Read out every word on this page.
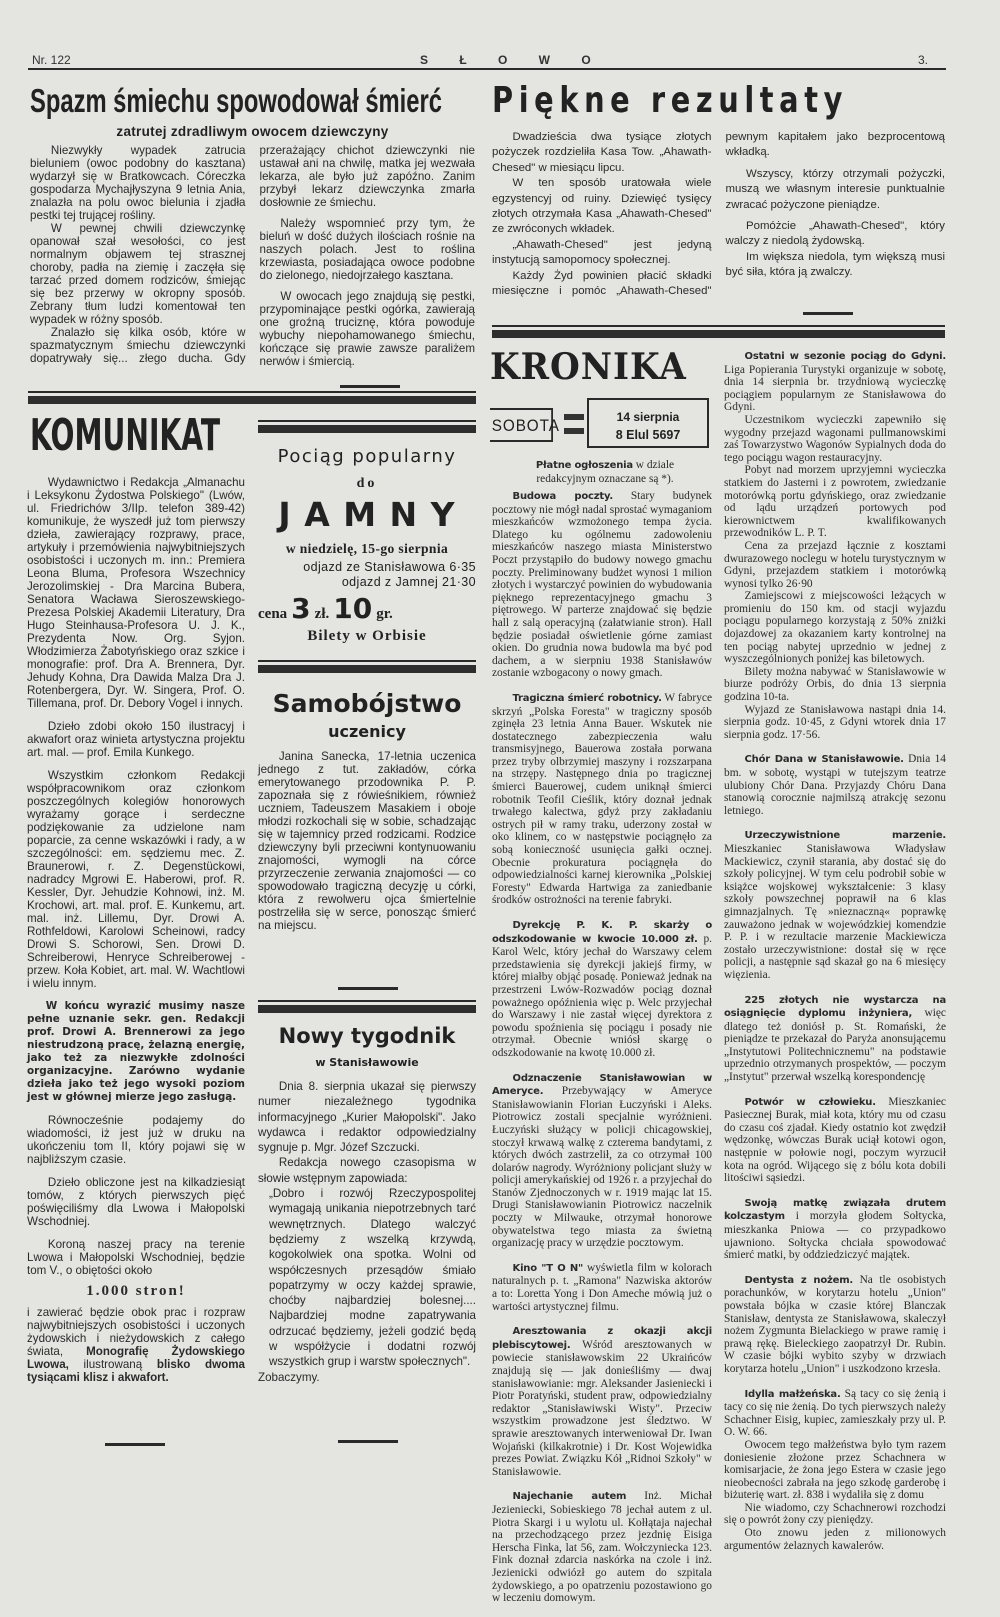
Nr. 122	S Ł O W O	3.
Spazm śmiechu spowodował śmierć
zatrutej zdradliwym owocem dziewczyny

Niezwykły wypadek zatrucia bieluniem (owoc podobny do kasztana) wydarzył się w Bratkowcach. Córeczka gospodarza Mychajłyszyna 9 letnia Ania, znalazła na polu owoc bielunia i zjadła pestki tej trującej rośliny.

W pewnej chwili dziewczynkę opanował szał wesołości, co jest normalnym objawem tej strasznej choroby, padła na ziemię i zaczęła się tarzać przed domem rodziców, śmiejąc się bez przerwy w okropny sposób. Zebrany tłum ludzi komentował ten wypadek w różny sposób.

Znalazło się kilka osób, które w spazmatycznym śmiechu dziewczynki dopatrywały się... złego ducha. Gdy przerażający chichot dziewczynki nie ustawał ani na chwilę, matka jej wezwała lekarza, ale było już zapóźno. Zanim przybył lekarz dziewczynka zmarła dosłownie ze śmiechu.

Należy wspomnieć przy tym, że bieluń w dość dużych ilościach rośnie na naszych polach. Jest to roślina krzewiasta, posiadająca owoce podobne do zielonego, niedojrzałego kasztana.

W owocach jego znajdują się pestki, przypominające pestki ogórka, zawierają one groźną truciznę, która powoduje wybuchy niepohamowanego śmiechu, kończące się prawie zawsze paraliżem nerwów i śmiercią.

Piękne rezultaty

Dwadzieścia dwa tysiące złotych pożyczek rozdzieliła Kasa Tow. „Ahawath-Chesed" w miesiącu lipcu.

W ten sposób uratowała wiele egzystencyj od ruiny. Dziewięć tysięcy złotych otrzymała Kasa „Ahawath-Chesed" ze zwróconych wkładek.

„Ahawath-Chesed" jest jedyną instytucją samopomocy społecznej.

Każdy Żyd powinien płacić składki miesięczne i pomóc „Ahawath-Chesed" pewnym kapitałem jako bezprocentową wkładką.

Wszyscy, którzy otrzymali pożyczki, muszą we własnym interesie punktualnie zwracać pożyczone pieniądze.

Pomóżcie „Ahawath-Chesed", który walczy z niedolą żydowską.

Im większa niedola, tym większą musi być siła, która ją zwalczy.

KOMUNIKAT

Wydawnictwo i Redakcja „Almanachu i Leksykonu Żydostwa Polskiego" (Lwów, ul. Friedrichów 3/IIp. telefon 389-42) komunikuje, że wyszedł już tom pierwszy dzieła, zawierający rozprawy, prace, artykuły i przemówienia najwybitniejszych osobistości i uczonych m. inn.: Premiera Leona Bluma, Profesora Wszechnicy Jerozolimskiej - Dra Marcina Bubera, Senatora Wacława Sieroszewskiego-Prezesa Polskiej Akademii Literatury, Dra Hugo Steinhausa-Profesora U. J. K., Prezydenta Now. Org. Syjon. Włodzimierza Żabotyńskiego oraz szkice i monografie: prof. Dra A. Brennera, Dyr. Jehudy Kohna, Dra Dawida Malza Dra J. Rotenbergera, Dyr. W. Singera, Prof. O. Tillemana, prof. Dr. Debory Vogel i innych.

Dzieło zdobi około 150 ilustracyj i akwafort oraz winieta artystyczna projektu art. mal. — prof. Emila Kunkego.

Wszystkim członkom Redakcji współpracownikom oraz członkom poszczególnych kolegiów honorowych wyrażamy gorące i serdeczne podziękowanie za udzielone nam poparcie, za cenne wskazówki i rady, a w szczególności: em. sędziemu mec. Z. Braunerowi, r. Z. Degenstückowi, nadradcy Mgrowi E. Haberowi, prof. R. Kessler, Dyr. Jehudzie Kohnowi, inż. M. Krochowi, art. mal. prof. E. Kunkemu, art. mal. inż. Lillemu, Dyr. Drowi A. Rothfeldowi, Karolowi Scheinowi, radcy Drowi S. Schorowi, Sen. Drowi D. Schreiberowi, Henryce Schreiberowej - przew. Koła Kobiet, art. mal. W. Wachtlowi i wielu innym.

W końcu wyrazić musimy nasze pełne uznanie sekr. gen. Redakcji prof. Drowi A. Brennerowi za jego niestrudzoną pracę, żelazną energię, jako też za niezwykłe zdolności organizacyjne. Zarówno wydanie dzieła jako też jego wysoki poziom jest w głównej mierze jego zasługą.

Równocześnie podajemy do wiadomości, iż jest już w druku na ukończeniu tom II, który pojawi się w najbliższym czasie.

Dzieło obliczone jest na kilkadziesiąt tomów, z których pierwszych pięć poświęciliśmy dla Lwowa i Małopolski Wschodniej.

Koroną naszej pracy na terenie Lwowa i Małopolski Wschodniej, będzie tom V., o obiętości około

1.000 stron!
i zawierać będzie obok prac i rozpraw najwybitniejszych osobistości i uczonych żydowskich i nieżydowskich z całego świata, Monografię Żydowskiego Lwowa, ilustrowaną blisko dwoma tysiącami klisz i akwafort.
Pociąg popularny
do
J A M N Y
w niedzielę, 15-go sierpnia
odjazd ze Stanisławowa 6·35
odjazd z Jamnej 21·30
cena 3 zł. 10 gr.
Bilety w Orbisie
Samobójstwo
uczenicy

Janina Sanecka, 17-letnia uczenica jednego z tut. zakładów, córka emerytowanego przodownika P. P. zapoznała się z rówieśnikiem, również uczniem, Tadeuszem Masakiem i oboje młodzi rozkochali się w sobie, schadzając się w tajemnicy przed rodzicami. Rodzice dziewczyny byli przeciwni kontynuowaniu znajomości, wymogli na córce przyrzeczenie zerwania znajomości — co spowodowało tragiczną decyzję u córki, która z rewolweru ojca śmiertelnie postrzeliła się w serce, ponosząc śmierć na miejscu.

Nowy tygodnik
w Stanisławowie

Dnia 8. sierpnia ukazał się pierwszy numer niezależnego tygodnika informacyjnego „Kurier Małopolski". Jako wydawca i redaktor odpowiedzialny sygnuje p. Mgr. Józef Szczucki.

Redakcja nowego czasopisma w słowie wstępnym zapowiada:

„Dobro i rozwój Rzeczypospolitej wymagają unikania niepotrzebnych tarć wewnętrznych. Dlatego walczyć będziemy z wszelką krzywdą, kogokolwiek ona spotka. Wolni od współczesnych przesądów śmiało popatrzymy w oczy każdej sprawie, choćby najbardziej bolesnej.... Najbardziej modne zapatrywania odrzucać będziemy, jeżeli godzić będą w współżycie i dodatni rozwój wszystkich grup i warstw społecznych".
Zobaczymy.
KRONIKA
SOBOTA	14 sierpnia
8 Elul 5697
Płatne ogłoszenia w dziale redakcyjnym oznaczane są *).

Budowa poczty. Stary budynek pocztowy nie mógł nadal sprostać wymaganiom mieszkańców wzmożonego tempa życia. Dlatego ku ogólnemu zadowoleniu mieszkańców naszego miasta Ministerstwo Poczt przystąpiło do budowy nowego gmachu poczty. Preliminowany budżet wynosi 1 milion złotych i wystarczyć powinien do wybudowania pięknego reprezentacyjnego gmachu 3 piętrowego. W parterze znajdować się będzie hall z salą operacyjną (załatwianie stron). Hall będzie posiadał oświetlenie górne zamiast okien. Do grudnia nowa budowla ma być pod dachem, a w sierpniu 1938 Stanisławów zostanie wzbogacony o nowy gmach.

Tragiczna śmierć robotnicy. W fabryce skrzyń „Polska Foresta" w tragiczny sposób zginęła 23 letnia Anna Bauer. Wskutek nie dostatecznego zabezpieczenia wału transmisyjnego, Bauerowa została porwana przez tryby olbrzymiej maszyny i rozszarpana na strzępy. Następnego dnia po tragicznej śmierci Bauerowej, cudem uniknął śmierci robotnik Teofil Cieślik, który doznał jednak trwałego kalectwa, gdyż przy zakładaniu ostrych pił w ramy traku, uderzony został w oko klinem, co w następstwie pociągnęło za sobą konieczność usunięcia gałki ocznej. Obecnie prokuratura pociągnęła do odpowiedzialności karnej kierownika „Polskiej Foresty" Edwarda Hartwiga za zaniedbanie środków ostrożności na terenie fabryki.

Dyrekcję P. K. P. skarży o odszkodowanie w kwocie 10.000 zł. p. Karol Welc, który jechał do Warszawy celem przedstawienia się dyrekcji jakiejś firmy, w której miałby objąć posadę. Ponieważ jednak na przestrzeni Lwów-Rozwadów pociąg doznał poważnego opóźnienia więc p. Welc przyjechał do Warszawy i nie zastał więcej dyrektora z powodu spoźnienia się pociągu i posady nie otrzymał. Obecnie wniósł skargę o odszkodowanie na kwotę 10.000 zł.

Odznaczenie Stanisławowian w Ameryce. Przebywający w Ameryce Stanisławowianin Florian Łuczyński i Aleks. Piotrowicz zostali specjalnie wyróżnieni. Łuczyński służący w policji chicagowskiej, stoczył krwawą walkę z czterema bandytami, z których dwóch zastrzelił, za co otrzymał 100 dolarów nagrody. Wyróżniony policjant służy w policji amerykańskiej od 1926 r. a przyjechał do Stanów Zjednoczonych w r. 1919 mając lat 15. Drugi Stanisławowianin Piotrowicz naczelnik poczty w Milwauke, otrzymał honorowe obywatelstwa tego miasta za świetną organizację pracy w urzędzie pocztowym.

Kino "T O N" wyświetla film w kolorach naturalnych p. t. „Ramona" Nazwiska aktorów a to: Loretta Yong i Don Ameche mówią już o wartości artystycznej filmu.

Aresztowania z okazji akcji plebiscytowej. Wśród aresztowanych w powiecie stanisławowskim 22 Ukraińców znajdują się — jak donieśliśmy — dwaj stanisławowianie: mgr. Aleksander Jasieniecki i Piotr Poratyński, student praw, odpowiedzialny redaktor „Stanisławiwski Wisty". Przeciw wszystkim prowadzone jest śledztwo. W sprawie aresztowanych interweniował Dr. Iwan Wojański (kilkakrotnie) i Dr. Kost Wojewidka prezes Powiat. Związku Kół „Ridnoi Szkoły" w Stanisławowie.

Najechanie autem Inż. Michał Jezieniecki, Sobieskiego 78 jechał autem z ul. Piotra Skargi i u wylotu ul. Kołłątaja najechał na przechodzącego przez jezdnię Eisiga Herscha Finka, lat 56, zam. Wołczyniecka 123. Fink doznał zdarcia naskórka na czole i inż. Jezienicki odwiózł go autem do szpitala żydowskiego, a po opatrzeniu pozostawiono go w leczeniu domowym.

Ostatni w sezonie pociąg do Gdyni. Liga Popierania Turystyki organizuje w sobotę, dnia 14 sierpnia br. trzydniową wycieczkę pociągiem popularnym ze Stanisławowa do Gdyni.

Uczestnikom wycieczki zapewniło się wygodny przejazd wagonami pullmanowskimi zaś Towarzystwo Wagonów Sypialnych doda do tego pociągu wagon restauracyjny.

Pobyt nad morzem uprzyjemni wycieczka statkiem do Jasterni i z powrotem, zwiedzanie motorówką portu gdyńskiego, oraz zwiedzanie od lądu urządzeń portowych pod kierownictwem kwalifikowanych przewodników L. P. T.

Cena za przejazd łącznie z kosztami dwurazowego noclegu w hotelu turystycznym w Gdyni, przejazdem statkiem i motorówką wynosi tylko 26·90

Zamiejscowi z miejscowości leżących w promieniu do 150 km. od stacji wyjazdu pociągu popularnego korzystają z 50% zniżki dojazdowej za okazaniem karty kontrolnej na ten pociąg nabytej uprzednio w jednej z wyszczególnionych poniżej kas biletowych.

Bilety można nabywać w Stanisławowie w biurze podróży Orbis, do dnia 13 sierpnia godzina 10-ta.

Wyjazd ze Stanisławowa nastąpi dnia 14. sierpnia godz. 10·45, z Gdyni wtorek dnia 17 sierpnia godz. 17·56.

Chór Dana w Stanisławowie. Dnia 14 bm. w sobotę, wystąpi w tutejszym teatrze ulubiony Chór Dana. Przyjazdy Chóru Dana stanowią corocznie najmilszą atrakcję sezonu letniego.

Urzeczywistnione marzenie. Mieszkaniec Stanisławowa Władysław Mackiewicz, czynił starania, aby dostać się do szkoły policyjnej. W tym celu podrobił sobie w książce wojskowej wykształcenie: 3 klasy szkoły powszechnej poprawił na 6 klas gimnazjalnych. Tę »nieznaczną« poprawkę zauważono jednak w wojewódzkiej komendzie P. P. i w rezultacie marzenie Mackiewicza zostało urzeczywistnione: dostał się w ręce policji, a następnie sąd skazał go na 6 miesięcy więzienia.

225 złotych nie wystarcza na osiągnięcie dyplomu inżyniera, więc dlatego też doniósł p. St. Romański, że pieniądze te przekazał do Paryża anonsującemu „Instytutowi Politechnicznemu" na podstawie uprzednio otrzymanych prospektów, — poczym „Instytut" przerwał wszelką korespondencję

Potwór w człowieku. Mieszkaniec Pasiecznej Burak, miał kota, który mu od czasu do czasu coś zjadał. Kiedy ostatnio kot zwędził wędzonkę, wówczas Burak uciął kotowi ogon, następnie w połowie nogi, poczym wyrzucił kota na ogród. Wijącego się z bólu kota dobili litościwi sąsiedzi.

Swoją matkę związała drutem kolczastym i morzyła głodem Sołtycka, mieszkanka Pniowa — co przypadkowo ujawniono. Sołtycka chciała spowodować śmierć matki, by oddziedziczyć majątek.

Dentysta z nożem. Na tle osobistych porachunków, w korytarzu hotelu „Union" powstała bójka w czasie której Blanczak Stanisław, dentysta ze Stanisławowa, skaleczył nożem Zygmunta Bielackiego w prawe ramię i prawą rękę. Bieleckiego zaopatrzył Dr. Rubin. W czasie bójki wybito szyby w drzwiach korytarza hotelu „Union" i uszkodzono krzesła.

Idylla małżeńska. Są tacy co się żenią i tacy co się nie żenią. Do tych pierwszych należy Schachner Eisig, kupiec, zamieszkały przy ul. P. O. W. 66.

Owocem tego małżeństwa było tym razem doniesienie złożone przez Schachnera w komisarjacie, że żona jego Estera w czasie jego nieobecności zabrała na jego szkodę garderobę i biżuterię wart. zł. 838 i wydaliła się z domu

Nie wiadomo, czy Schachnerowi rozchodzi się o powrót żony czy pieniędzy.

Oto znowu jeden z milionowych argumentów żelaznych kawalerów.
